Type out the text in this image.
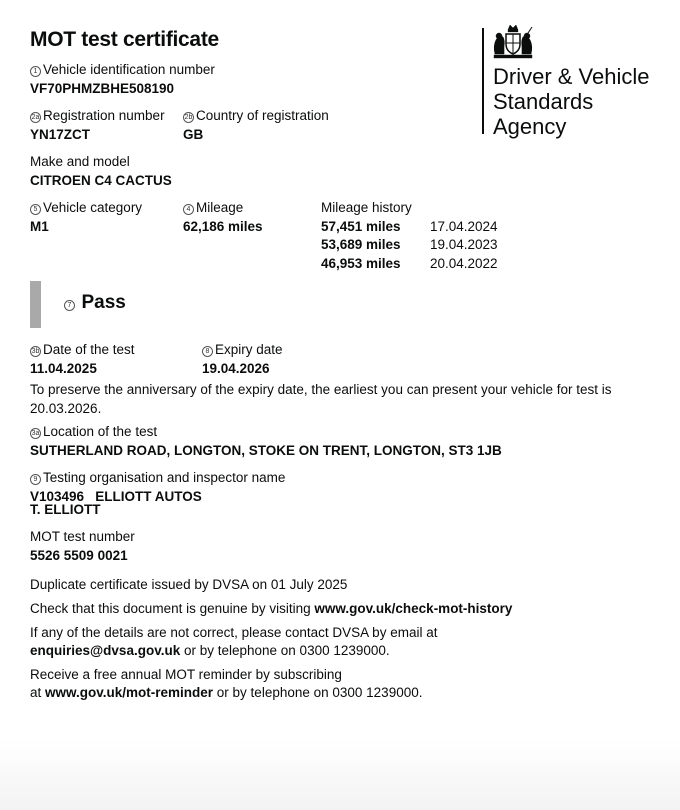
MOT test certificate
Driver & Vehicle
Standards
Agency
1 Vehicle identification number
VF70PHMZBHE508190
2a Registration number
YN17ZCT
2b Country of registration
GB
Make and model
CITROEN C4 CACTUS
5 Vehicle category
M1
4 Mileage
62,186 miles
Mileage history
57,451 miles 17.04.2024
53,689 miles 19.04.2023
46,953 miles 20.04.2022
7 Pass
3b Date of the test
11.04.2025
8 Expiry date
19.04.2026
To preserve the anniversary of the expiry date, the earliest you can present your vehicle for test is
20.03.2026.
3a Location of the test
SUTHERLAND ROAD, LONGTON, STOKE ON TRENT, LONGTON, ST3 1JB
9 Testing organisation and inspector name
V103496   ELLIOTT AUTOS
T. ELLIOTT
MOT test number
5526 5509 0021
Duplicate certificate issued by DVSA on 01 July 2025
Check that this document is genuine by visiting www.gov.uk/check-mot-history
If any of the details are not correct, please contact DVSA by email at
enquiries@dvsa.gov.uk or by telephone on 0300 1239000.
Receive a free annual MOT reminder by subscribing
at www.gov.uk/mot-reminder or by telephone on 0300 1239000.
